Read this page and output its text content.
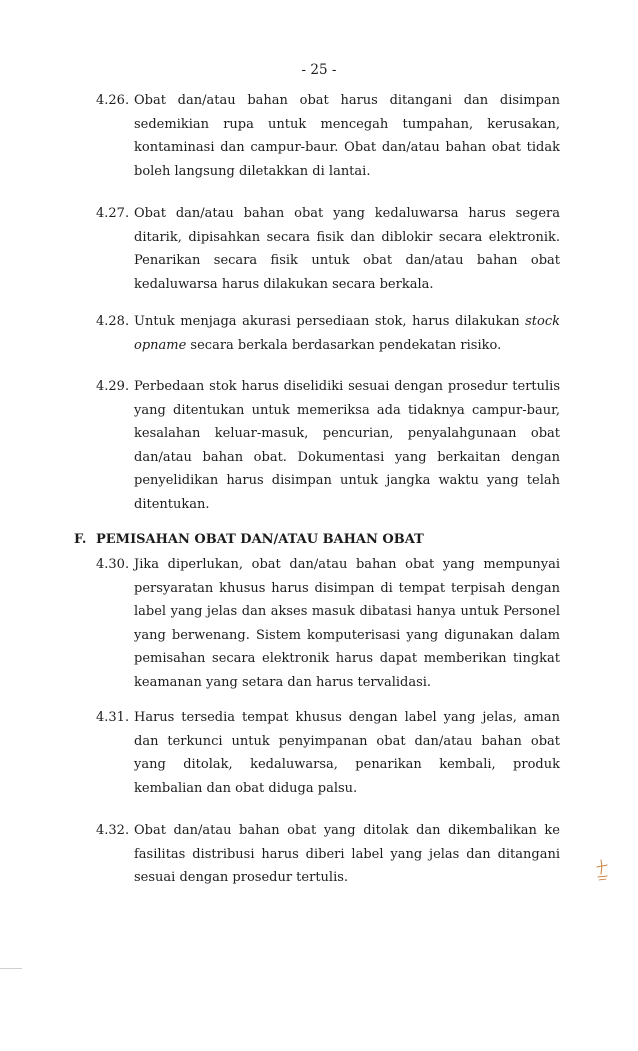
- 25 -
4.26. Obat dan/atau bahan obat harus ditangani dan disimpan sedemikian rupa untuk mencegah tumpahan, kerusakan, kontaminasi dan campur-baur. Obat dan/atau bahan obat tidak boleh langsung diletakkan di lantai.
4.27. Obat dan/atau bahan obat yang kedaluwarsa harus segera ditarik, dipisahkan secara fisik dan diblokir secara elektronik. Penarikan secara fisik untuk obat dan/atau bahan obat kedaluwarsa harus dilakukan secara berkala.
4.28. Untuk menjaga akurasi persediaan stok, harus dilakukan stock opname secara berkala berdasarkan pendekatan risiko.
4.29. Perbedaan stok harus diselidiki sesuai dengan prosedur tertulis yang ditentukan untuk memeriksa ada tidaknya campur-baur, kesalahan keluar-masuk, pencurian, penyalahgunaan obat dan/atau bahan obat. Dokumentasi yang berkaitan dengan penyelidikan harus disimpan untuk jangka waktu yang telah ditentukan.
F. PEMISAHAN OBAT DAN/ATAU BAHAN OBAT
4.30. Jika diperlukan, obat dan/atau bahan obat yang mempunyai persyaratan khusus harus disimpan di tempat terpisah dengan label yang jelas dan akses masuk dibatasi hanya untuk Personel yang berwenang. Sistem komputerisasi yang digunakan dalam pemisahan secara elektronik harus dapat memberikan tingkat keamanan yang setara dan harus tervalidasi.
4.31. Harus tersedia tempat khusus dengan label yang jelas, aman dan terkunci untuk penyimpanan obat dan/atau bahan obat yang ditolak, kedaluwarsa, penarikan kembali, produk kembalian dan obat diduga palsu.
4.32. Obat dan/atau bahan obat yang ditolak dan dikembalikan ke fasilitas distribusi harus diberi label yang jelas dan ditangani sesuai dengan prosedur tertulis.
